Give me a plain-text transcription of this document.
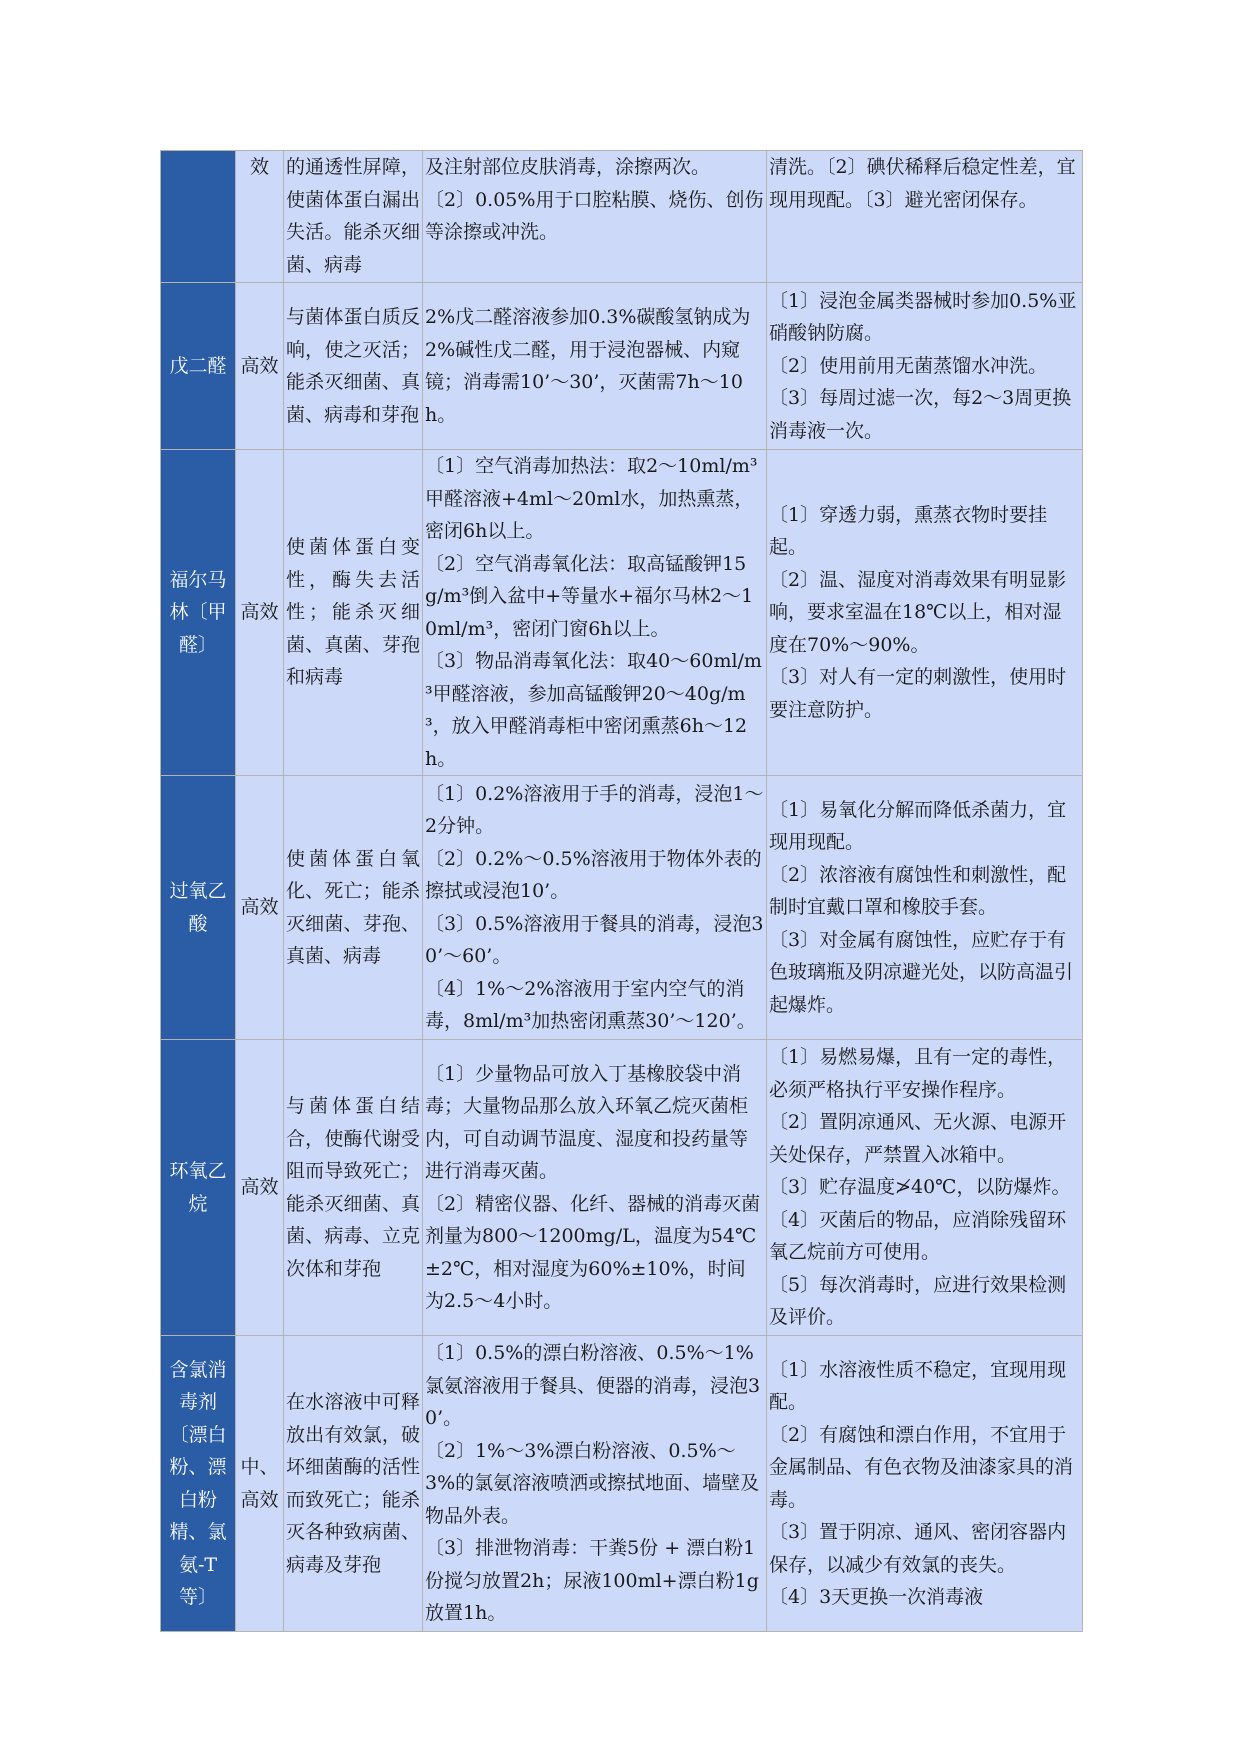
	效	的通透性屏障，使菌体蛋白漏出失活。能杀灭细菌、病毒	及注射部位皮肤消毒，涂擦两次。
〔2〕0.05%用于口腔粘膜、烧伤、创伤等涂擦或冲洗。	清洗。〔2〕碘伏稀释后稳定性差，宜现用现配。〔3〕避光密闭保存。

戊二醛	高效	与菌体蛋白质反响，使之灭活；能杀灭细菌、真菌、病毒和芽孢	2%戊二醛溶液参加0.3%碳酸氢钠成为2%碱性戊二醛，用于浸泡器械、内窥镜；消毒需10’～30’，灭菌需7h～10h。	〔1〕浸泡金属类器械时参加0.5%亚硝酸钠防腐。
〔2〕使用前用无菌蒸馏水冲洗。
〔3〕每周过滤一次，每2～3周更换消毒液一次。

福尔马林〔甲醛〕	高效	使菌体蛋白变性，酶失去活性；能杀灭细菌、真菌、芽孢和病毒	〔1〕空气消毒加热法：取2～10ml/m³甲醛溶液+4ml～20ml水，加热熏蒸，密闭6h以上。
〔2〕空气消毒氧化法：取高锰酸钾15g/m³倒入盆中+等量水+福尔马林2～10ml/m³，密闭门窗6h以上。
〔3〕物品消毒氧化法：取40～60ml/m³甲醛溶液，参加高锰酸钾20～40g/m³，放入甲醛消毒柜中密闭熏蒸6h～12h。	〔1〕穿透力弱，熏蒸衣物时要挂起。
〔2〕温、湿度对消毒效果有明显影响，要求室温在18℃以上，相对湿度在70%～90%。
〔3〕对人有一定的刺激性，使用时要注意防护。

过氧乙酸	高效	使菌体蛋白氧化、死亡；能杀灭细菌、芽孢、真菌、病毒	〔1〕0.2%溶液用于手的消毒，浸泡1～2分钟。
〔2〕0.2%～0.5%溶液用于物体外表的擦拭或浸泡10’。
〔3〕0.5%溶液用于餐具的消毒，浸泡30’～60’。
〔4〕1%～2%溶液用于室内空气的消毒，8ml/m³加热密闭熏蒸30’～120’。	〔1〕易氧化分解而降低杀菌力，宜现用现配。
〔2〕浓溶液有腐蚀性和刺激性，配制时宜戴口罩和橡胶手套。
〔3〕对金属有腐蚀性，应贮存于有色玻璃瓶及阴凉避光处，以防高温引起爆炸。

环氧乙烷	高效	与菌体蛋白结合，使酶代谢受阻而导致死亡；能杀灭细菌、真菌、病毒、立克次体和芽孢	〔1〕少量物品可放入丁基橡胶袋中消毒；大量物品那么放入环氧乙烷灭菌柜内，可自动调节温度、湿度和投药量等进行消毒灭菌。
〔2〕精密仪器、化纤、器械的消毒灭菌剂量为800～1200mg/L，温度为54℃±2℃，相对湿度为60%±10%，时间为2.5～4小时。	〔1〕易燃易爆，且有一定的毒性，必须严格执行平安操作程序。
〔2〕置阴凉通风、无火源、电源开关处保存，严禁置入冰箱中。
〔3〕贮存温度≯40℃，以防爆炸。
〔4〕灭菌后的物品，应消除残留环氧乙烷前方可使用。
〔5〕每次消毒时，应进行效果检测及评价。

含氯消毒剂〔漂白粉、漂白粉精、氯氨-T等〕	中、高效	在水溶液中可释放出有效氯，破坏细菌酶的活性而致死亡；能杀灭各种致病菌、病毒及芽孢	〔1〕0.5%的漂白粉溶液、0.5%～1%氯氨溶液用于餐具、便器的消毒，浸泡30’。
〔2〕1%～3%漂白粉溶液、0.5%～3%的氯氨溶液喷洒或擦拭地面、墙壁及物品外表。
〔3〕排泄物消毒：干粪5份 + 漂白粉1份搅匀放置2h；尿液100ml+漂白粉1g放置1h。	〔1〕水溶液性质不稳定，宜现用现配。
〔2〕有腐蚀和漂白作用，不宜用于金属制品、有色衣物及油漆家具的消毒。
〔3〕置于阴凉、通风、密闭容器内保存，以减少有效氯的丧失。
〔4〕3天更换一次消毒液
